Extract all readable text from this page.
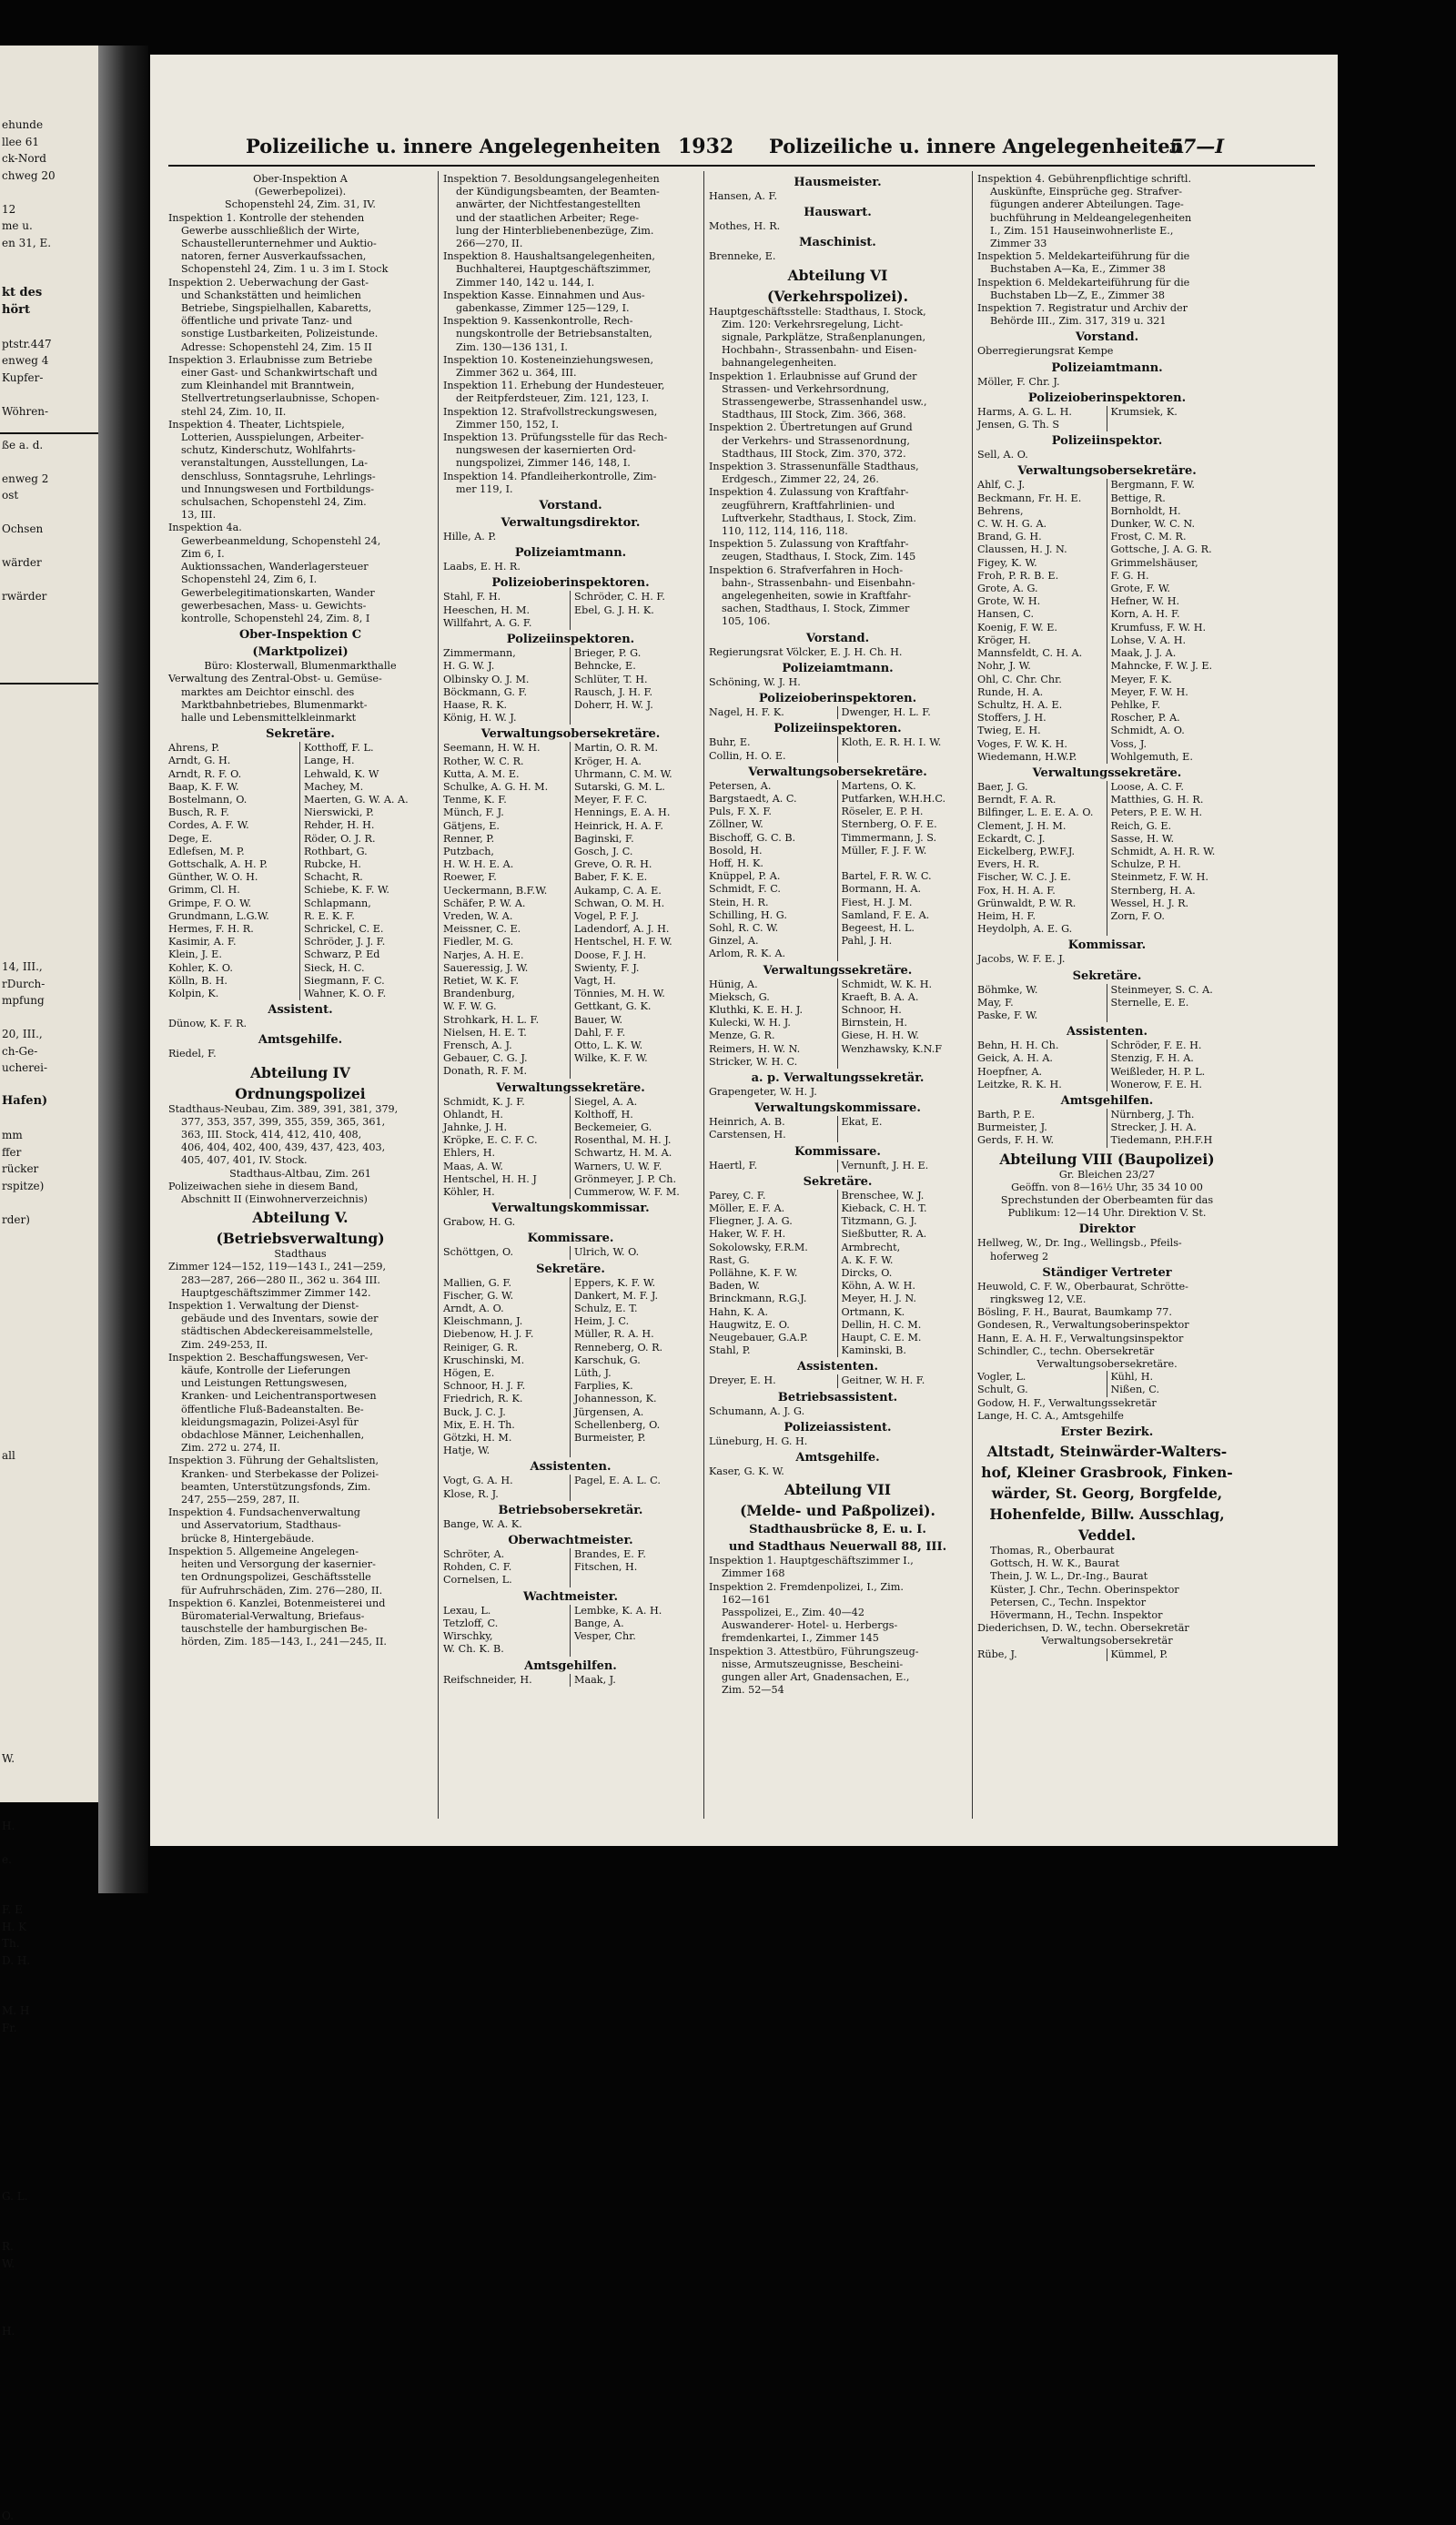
ehunde
llee 61
ck-Nord
chweg 20

12
me u.
en 31, E.

kt des
hört

ptstr.447
enweg 4
Kupfer-

Wöhren-

ße a. d.

enweg 2
ost

Ochsen

wärder

rwärder

14, III.,
rDurch-
mpfung

20, III.,
ch-Ge-
ucherei-

Hafen)

mm
ffer
rücker
rspitze)

rder)

all

W.

H.

e.

F. E
H. K
Th.
D. H.

M. H
Fr.

G. L.

R.
W.

H.

O.
Polizeiliche u. innere Angelegenheiten 1932 Polizeiliche u. innere Angelegenheiten
57—I
Ober-Inspektion A
(Gewerbepolizei).
Schopenstehl 24, Zim. 31, IV.
Inspektion 1. Kontrolle der stehenden
Gewerbe ausschließlich der Wirte,
Schaustellerunternehmer und Auktio-
natoren, ferner Ausverkaufssachen,
Schopenstehl 24, Zim. 1 u. 3 im I. Stock
Inspektion 2. Ueberwachung der Gast-
und Schankstätten und heimlichen
Betriebe, Singspielhallen, Kabaretts,
öffentliche und private Tanz- und
sonstige Lustbarkeiten, Polizeistunde.
Adresse: Schopenstehl 24, Zim. 15 II
Inspektion 3. Erlaubnisse zum Betriebe
einer Gast- und Schankwirtschaft und
zum Kleinhandel mit Branntwein,
Stellvertretungserlaubnisse, Schopen-
stehl 24, Zim. 10, II.
Inspektion 4. Theater, Lichtspiele,
Lotterien, Ausspielungen, Arbeiter-
schutz, Kinderschutz, Wohlfahrts-
veranstaltungen, Ausstellungen, La-
denschluss, Sonntagsruhe, Lehrlings-
und Innungswesen und Fortbildungs-
schulsachen, Schopenstehl 24, Zim.
13, III.
Inspektion 4a.
Gewerbeanmeldung, Schopenstehl 24,
Zim 6, I.
Auktionssachen, Wanderlagersteuer
Schopenstehl 24, Zim 6, I.
Gewerbelegitimationskarten, Wander
gewerbesachen, Mass- u. Gewichts-
kontrolle, Schopenstehl 24, Zim. 8, I
Ober-Inspektion C
(Marktpolizei)
Büro: Klosterwall, Blumenmarkthalle
Verwaltung des Zentral-Obst- u. Gemüse-
marktes am Deichtor einschl. des
Marktbahnbetriebes, Blumenmarkt-
halle und Lebensmittelkleinmarkt
Sekretäre.
Ahrens, P.	Kotthoff, F. L.
Arndt, G. H.	Lange, H.
Arndt, R. F. O.	Lehwald, K. W
Baap, K. F. W.	Machey, M.
Bostelmann, O.	Maerten, G. W. A. A.
Busch, R. F.	Nierswicki, P.
Cordes, A. F. W.	Rehder, H. H.
Dege, E.	Röder, O. J. R.
Edlefsen, M. P.	Rothbart, G.
Gottschalk, A. H. P.	Rubcke, H.
Günther, W. O. H.	Schacht, R.
Grimm, Cl. H.	Schiebe, K. F. W.
Grimpe, F. O. W.	Schlapmann,
Grundmann, L.G.W.	R. E. K. F.
Hermes, F. H. R.	Schrickel, C. E.
Kasimir, A. F.	Schröder, J. J. F.
Klein, J. E.	Schwarz, P. Ed
Kohler, K. O.	Sieck, H. C.
Kölln, B. H.	Siegmann, F. C.
Kolpin, K.	Wahner, K. O. F.
Assistent.
Dünow, K. F. R.
Amtsgehilfe.
Riedel, F.
Abteilung IV
Ordnungspolizei
Stadthaus-Neubau, Zim. 389, 391, 381, 379,
377, 353, 357, 399, 355, 359, 365, 361,
363, III. Stock, 414, 412, 410, 408,
406, 404, 402, 400, 439, 437, 423, 403,
405, 407, 401, IV. Stock.
Stadthaus-Altbau, Zim. 261
Polizeiwachen siehe in diesem Band,
Abschnitt II (Einwohnerverzeichnis)
Abteilung V.
(Betriebsverwaltung)
Stadthaus
Zimmer 124—152, 119—143 I., 241—259,
283—287, 266—280 II., 362 u. 364 III.
Hauptgeschäftszimmer Zimmer 142.
Inspektion 1. Verwaltung der Dienst-
gebäude und des Inventars, sowie der
städtischen Abdeckereisammelstelle,
Zim. 249-253, II.
Inspektion 2. Beschaffungswesen, Ver-
käufe, Kontrolle der Lieferungen
und Leistungen Rettungswesen,
Kranken- und Leichentransportwesen
öffentliche Fluß-Badeanstalten. Be-
kleidungsmagazin, Polizei-Asyl für
obdachlose Männer, Leichenhallen,
Zim. 272 u. 274, II.
Inspektion 3. Führung der Gehaltslisten,
Kranken- und Sterbekasse der Polizei-
beamten, Unterstützungsfonds, Zim.
247, 255—259, 287, II.
Inspektion 4. Fundsachenverwaltung
und Asservatorium, Stadthaus-
brücke 8, Hintergebäude.
Inspektion 5. Allgemeine Angelegen-
heiten und Versorgung der kasernier-
ten Ordnungspolizei, Geschäftsstelle
für Aufruhrschäden, Zim. 276—280, II.
Inspektion 6. Kanzlei, Botenmeisterei und
Büromaterial-Verwaltung, Briefaus-
tauschstelle der hamburgischen Be-
hörden, Zim. 185—143, I., 241—245, II.
Inspektion 7. Besoldungsangelegenheiten
der Kündigungsbeamten, der Beamten-
anwärter, der Nichtfestangestellten
und der staatlichen Arbeiter; Rege-
lung der Hinterbliebenenbezüge, Zim.
266—270, II.
Inspektion 8. Haushaltsangelegenheiten,
Buchhalterei, Hauptgeschäftszimmer,
Zimmer 140, 142 u. 144, I.
Inspektion Kasse. Einnahmen und Aus-
gabenkasse, Zimmer 125—129, I.
Inspektion 9. Kassenkontrolle, Rech-
nungskontrolle der Betriebsanstalten,
Zim. 130—136 131, I.
Inspektion 10. Kosteneinziehungswesen,
Zimmer 362 u. 364, III.
Inspektion 11. Erhebung der Hundesteuer,
der Reitpferdsteuer, Zim. 121, 123, I.
Inspektion 12. Strafvollstreckungswesen,
Zimmer 150, 152, I.
Inspektion 13. Prüfungsstelle für das Rech-
nungswesen der kasernierten Ord-
nungspolizei, Zimmer 146, 148, I.
Inspektion 14. Pfandleiherkontrolle, Zim-
mer 119, I.
Vorstand.
Verwaltungsdirektor.
Hille, A. P.
Polizeiamtmann.
Laabs, E. H. R.
Polizeioberinspektoren.
Stahl, F. H.	Schröder, C. H. F.
Heeschen, H. M.	Ebel, G. J. H. K.
Willfahrt, A. G. F.

Polizeiinspektoren.
Zimmermann,	Brieger, P. G.
H. G. W. J.	Behncke, E.
Olbinsky O. J. M.	Schlüter, T. H.
Böckmann, G. F.	Rausch, J. H. F.
Haase, R. K.	Doherr, H. W. J.
König, H. W. J.

Verwaltungsobersekretäre.
Seemann, H. W. H.	Martin, O. R. M.
Rother, W. C. R.	Kröger, H. A.
Kutta, A. M. E.	Uhrmann, C. M. W.
Schulke, A. G. H. M.	Sutarski, G. M. L.
Tenme, K. F.	Meyer, F. F. C.
Münch, F. J.	Hennings, E. A. H.
Gätjens, E.	Heinrick, H. A. F.
Renner, P.	Baginski, F.
Putzbach,	Gosch, J. C.
H. W. H. E. A.	Greve, O. R. H.
Roewer, F.	Baber, F. K. E.
Ueckermann, B.F.W.	Aukamp, C. A. E.
Schäfer, P. W. A.	Schwan, O. M. H.
Vreden, W. A.	Vogel, P. F. J.
Meissner, C. E.	Ladendorf, A. J. H.
Fiedler, M. G.	Hentschel, H. F. W.
Narjes, A. H. E.	Doose, F. J. H.
Saueressig, J. W.	Swienty, F. J.
Retiet, W. K. F.	Vagt, H.
Brandenburg,	Tönnies, M. H. W.
W. F. W. G.	Gettkant, G. K.
Strohkark, H. L. F.	Bauer, W.
Nielsen, H. E. T.	Dahl, F. F.
Frensch, A. J.	Otto, L. K. W.
Gebauer, C. G. J.	Wilke, K. F. W.
Donath, R. F. M.

Verwaltungssekretäre.
Schmidt, K. J. F.	Siegel, A. A.
Ohlandt, H.	Kolthoff, H.
Jahnke, J. H.	Beckemeier, G.
Kröpke, E. C. F. C.	Rosenthal, M. H. J.
Ehlers, H.	Schwartz, H. M. A.
Maas, A. W.	Warners, U. W. F.
Hentschel, H. H. J	Grönmeyer, J. P. Ch.
Köhler, H.	Cummerow, W. F. M.
Verwaltungskommissar.
Grabow, H. G.
Kommissare.
Schöttgen, O.	Ulrich, W. O.
Sekretäre.
Mallien, G. F.	Eppers, K. F. W.
Fischer, G. W.	Dankert, M. F. J.
Arndt, A. O.	Schulz, E. T.
Kleischmann, J.	Heim, J. C.
Diebenow, H. J. F.	Müller, R. A. H.
Reiniger, G. R.	Renneberg, O. R.
Kruschinski, M.	Karschuk, G.
Högen, E.	Lüth, J.
Schnoor, H. J. F.	Farplies, K.
Friedrich, R. K.	Johannesson, K.
Buck, J. C. J.	Jürgensen, A.
Mix, E. H. Th.	Schellenberg, O.
Götzki, H. M.	Burmeister, P.
Hatje, W.

Assistenten.
Vogt, G. A. H.	Pagel, E. A. L. C.
Klose, R. J.

Betriebsobersekretär.
Bange, W. A. K.
Oberwachtmeister.
Schröter, A.	Brandes, E. F.
Rohden, C. F.	Fitschen, H.
Cornelsen, L.

Wachtmeister.
Lexau, L.	Lembke, K. A. H.
Tetzloff, C.	Bange, A.
Wirschky,	Vesper, Chr.
W. Ch. K. B.

Amtsgehilfen.
Reifschneider, H.	Maak, J.
Hausmeister.
Hansen, A. F.
Hauswart.
Mothes, H. R.
Maschinist.
Brenneke, E.
Abteilung VI
(Verkehrspolizei).
Hauptgeschäftsstelle: Stadthaus, I. Stock,
Zim. 120: Verkehrsregelung, Licht-
signale, Parkplätze, Straßenplanungen,
Hochbahn-, Strassenbahn- und Eisen-
bahnangelegenheiten.
Inspektion 1. Erlaubnisse auf Grund der
Strassen- und Verkehrsordnung,
Strassengewerbe, Strassenhandel usw.,
Stadthaus, III Stock, Zim. 366, 368.
Inspektion 2. Übertretungen auf Grund
der Verkehrs- und Strassenordnung,
Stadthaus, III Stock, Zim. 370, 372.
Inspektion 3. Strassenunfälle Stadthaus,
Erdgesch., Zimmer 22, 24, 26.
Inspektion 4. Zulassung von Kraftfahr-
zeugführern, Kraftfahrlinien- und
Luftverkehr, Stadthaus, I. Stock, Zim.
110, 112, 114, 116, 118.
Inspektion 5. Zulassung von Kraftfahr-
zeugen, Stadthaus, I. Stock, Zim. 145
Inspektion 6. Strafverfahren in Hoch-
bahn-, Strassenbahn- und Eisenbahn-
angelegenheiten, sowie in Kraftfahr-
sachen, Stadthaus, I. Stock, Zimmer
105, 106.
Vorstand.
Regierungsrat Völcker, E. J. H. Ch. H.
Polizeiamtmann.
Schöning, W. J. H.
Polizeioberinspektoren.
Nagel, H. F. K.	Dwenger, H. L. F.
Polizeiinspektoren.
Buhr, E.	Kloth, E. R. H. I. W.
Collin, H. O. E.

Verwaltungsobersekretäre.
Petersen, A.	Martens, O. K.
Bargstaedt, A. C.	Putfarken, W.H.H.C.
Puls, F. X. F.	Röseler, E. P. H.
Zöllner, W.	Sternberg, O. F. E.
Bischoff, G. C. B.	Timmermann, J. S.
Bosold, H.	Müller, F. J. F. W.
Hoff, H. K.

Knüppel, P. A.	Bartel, F. R. W. C.
Schmidt, F. C.	Bormann, H. A.
Stein, H. R.	Fiest, H. J. M.
Schilling, H. G.	Samland, F. E. A.
Sohl, R. C. W.	Begeest, H. L.
Ginzel, A.	Pahl, J. H.
Arlom, R. K. A.

Verwaltungssekretäre.
Hünig, A.	Schmidt, W. K. H.
Mieksch, G.	Kraeft, B. A. A.
Kluthki, K. E. H. J.	Schnoor, H.
Kulecki, W. H. J.	Birnstein, H.
Menze, G. R.	Giese, H. H. W.
Reimers, H. W. N.	Wenzhawsky, K.N.F
Stricker, W. H. C.

a. p. Verwaltungssekretär.
Grapengeter, W. H. J.
Verwaltungskommissare.
Heinrich, A. B.	Ekat, E.
Carstensen, H.

Kommissare.
Haertl, F.	Vernunft, J. H. E.
Sekretäre.
Parey, C. F.	Brenschee, W. J.
Möller, E. F. A.	Kieback, C. H. T.
Fliegner, J. A. G.	Titzmann, G. J.
Haker, W. F. H.	Sießbutter, R. A.
Sokolowsky, F.R.M.	Armbrecht,
Rast, G.	A. K. F. W.
Pollähne, K. F. W.	Dircks, O.
Baden, W.	Köhn, A. W. H.
Brinckmann, R.G.J.	Meyer, H. J. N.
Hahn, K. A.	Ortmann, K.
Haugwitz, E. O.	Dellin, H. C. M.
Neugebauer, G.A.P.	Haupt, C. E. M.
Stahl, P.	Kaminski, B.
Assistenten.
Dreyer, E. H.	Geitner, W. H. F.
Betriebsassistent.
Schumann, A. J. G.
Polizeiassistent.
Lüneburg, H. G. H.
Amtsgehilfe.
Kaser, G. K. W.
Abteilung VII
(Melde- und Paßpolizei).
Stadthausbrücke 8, E. u. I.
und Stadthaus Neuerwall 88, III.
Inspektion 1. Hauptgeschäftszimmer I.,
Zimmer 168
Inspektion 2. Fremdenpolizei, I., Zim.
162—161
Passpolizei, E., Zim. 40—42
Auswanderer- Hotel- u. Herbergs-
fremdenkartei, I., Zimmer 145
Inspektion 3. Attestbüro, Führungszeug-
nisse, Armutszeugnisse, Bescheini-
gungen aller Art, Gnadensachen, E.,
Zim. 52—54
Inspektion 4. Gebührenpflichtige schriftl.
Auskünfte, Einsprüche geg. Strafver-
fügungen anderer Abteilungen. Tage-
buchführung in Meldeangelegenheiten
I., Zim. 151 Hauseinwohnerliste E.,
Zimmer 33
Inspektion 5. Meldekarteiführung für die
Buchstaben A—Ka, E., Zimmer 38
Inspektion 6. Meldekarteiführung für die
Buchstaben Lb—Z, E., Zimmer 38
Inspektion 7. Registratur und Archiv der
Behörde III., Zim. 317, 319 u. 321
Vorstand.
Oberregierungsrat Kempe
Polizeiamtmann.
Möller, F. Chr. J.
Polizeioberinspektoren.
Harms, A. G. L. H.	Krumsiek, K.
Jensen, G. Th. S

Polizeiinspektor.
Sell, A. O.
Verwaltungsobersekretäre.
Ahlf, C. J.	Bergmann, F. W.
Beckmann, Fr. H. E.	Bettige, R.
Behrens,	Bornholdt, H.
C. W. H. G. A.	Dunker, W. C. N.
Brand, G. H.	Frost, C. M. R.
Claussen, H. J. N.	Gottsche, J. A. G. R.
Figey, K. W.	Grimmelshäuser,
Froh, P. R. B. E.	F. G. H.
Grote, A. G.	Grote, F. W.
Grote, W. H.	Hefner, W. H.
Hansen, C.	Korn, A. H. F.
Koenig, F. W. E.	Krumfuss, F. W. H.
Kröger, H.	Lohse, V. A. H.
Mannsfeldt, C. H. A.	Maak, J. J. A.
Nohr, J. W.	Mahncke, F. W. J. E.
Ohl, C. Chr. Chr.	Meyer, F. K.
Runde, H. A.	Meyer, F. W. H.
Schultz, H. A. E.	Pehlke, F.
Stoffers, J. H.	Roscher, P. A.
Twieg, E. H.	Schmidt, A. O.
Voges, F. W. K. H.	Voss, J.
Wiedemann, H.W.P.	Wohlgemuth, E.
Verwaltungssekretäre.
Baer, J. G.	Loose, A. C. F.
Berndt, F. A. R.	Matthies, G. H. R.
Bilfinger, L. E. E. A. O.	Peters, P. E. W. H.
Clement, J. H. M.	Reich, G. E.
Eckardt, C. J.	Sasse, H. W.
Eickelberg, P.W.F.J.	Schmidt, A. H. R. W.
Evers, H. R.	Schulze, P. H.
Fischer, W. C. J. E.	Steinmetz, F. W. H.
Fox, H. H. A. F.	Sternberg, H. A.
Grünwaldt, P. W. R.	Wessel, H. J. R.
Heim, H. F.	Zorn, F. O.
Heydolph, A. E. G.

Kommissar.
Jacobs, W. F. E. J.
Sekretäre.
Böhmke, W.	Steinmeyer, S. C. A.
May, F.	Sternelle, E. E.
Paske, F. W.

Assistenten.
Behn, H. H. Ch.	Schröder, F. E. H.
Geick, A. H. A.	Stenzig, F. H. A.
Hoepfner, A.	Weißleder, H. P. L.
Leitzke, R. K. H.	Wonerow, F. E. H.
Amtsgehilfen.
Barth, P. E.	Nürnberg, J. Th.
Burmeister, J.	Strecker, J. H. A.
Gerds, F. H. W.	Tiedemann, P.H.F.H
Abteilung VIII (Baupolizei)
Gr. Bleichen 23/27
Geöffn. von 8—16½ Uhr, 35 34 10 00
Sprechstunden der Oberbeamten für das
Publikum: 12—14 Uhr. Direktion V. St.
Direktor
Hellweg, W., Dr. Ing., Wellingsb., Pfeils-
hoferweg 2
Ständiger Vertreter
Heuwold, C. F. W., Oberbaurat, Schrötte-
ringksweg 12, V.E.
Bösling, F. H., Baurat, Baumkamp 77.
Gondesen, R., Verwaltungsoberinspektor
Hann, E. A. H. F., Verwaltungsinspektor
Schindler, C., techn. Obersekretär
Verwaltungsobersekretäre.
Vogler, L.	Kühl, H.
Schult, G.	Nißen, C.
Godow, H. F., Verwaltungssekretär
Lange, H. C. A., Amtsgehilfe
Erster Bezirk.
Altstadt, Steinwärder-Walters-
hof, Kleiner Grasbrook, Finken-
wärder, St. Georg, Borgfelde,
Hohenfelde, Billw. Ausschlag,
Veddel.
Thomas, R., Oberbaurat
Gottsch, H. W. K., Baurat
Thein, J. W. L., Dr.-Ing., Baurat
Küster, J. Chr., Techn. Oberinspektor
Petersen, C., Techn. Inspektor
Hövermann, H., Techn. Inspektor
Diederichsen, D. W., techn. Obersekretär
Verwaltungsobersekretär
Rübe, J.	Kümmel, P.
